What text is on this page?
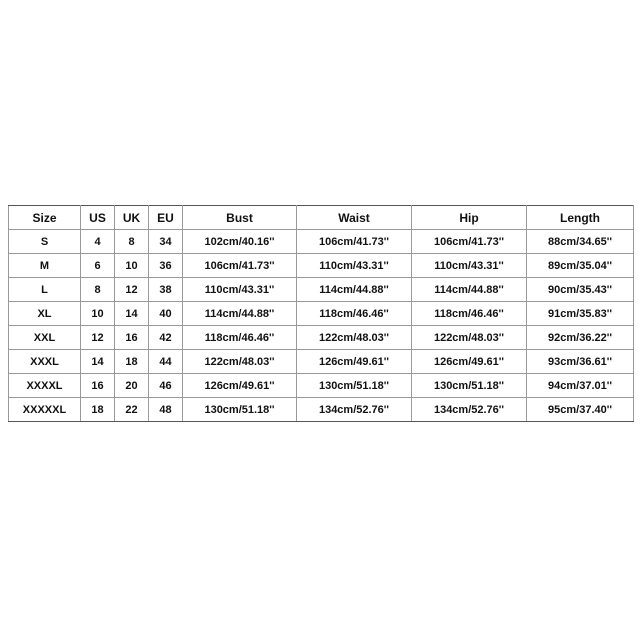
Size	US	UK	EU	Bust	Waist	Hip	Length
S	4	8	34	102cm/40.16''	106cm/41.73''	106cm/41.73''	88cm/34.65''
M	6	10	36	106cm/41.73''	110cm/43.31''	110cm/43.31''	89cm/35.04''
L	8	12	38	110cm/43.31''	114cm/44.88''	114cm/44.88''	90cm/35.43''
XL	10	14	40	114cm/44.88''	118cm/46.46''	118cm/46.46''	91cm/35.83''
XXL	12	16	42	118cm/46.46''	122cm/48.03''	122cm/48.03''	92cm/36.22''
XXXL	14	18	44	122cm/48.03''	126cm/49.61''	126cm/49.61''	93cm/36.61''
XXXXL	16	20	46	126cm/49.61''	130cm/51.18''	130cm/51.18''	94cm/37.01''
XXXXXL	18	22	48	130cm/51.18''	134cm/52.76''	134cm/52.76''	95cm/37.40''
